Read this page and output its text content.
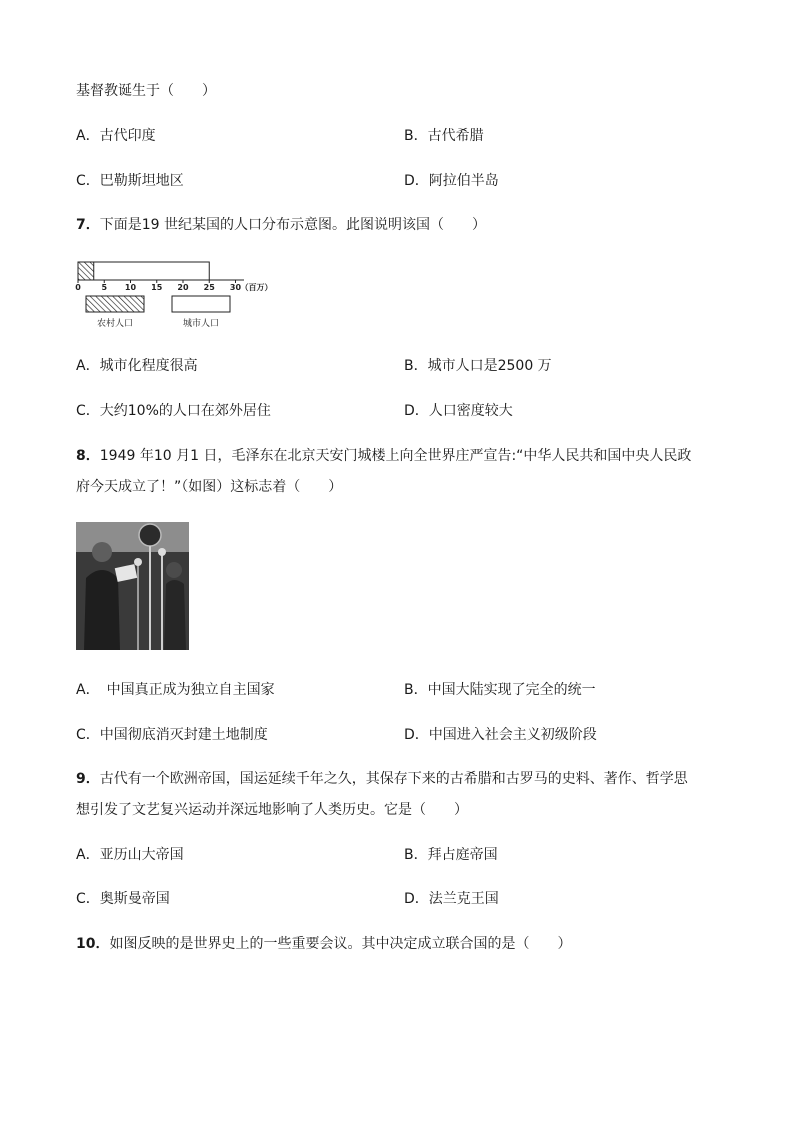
基督教诞生于（　　）
A．古代印度	B．古代希腊
C．巴勒斯坦地区	D．阿拉伯半岛
7．下面是19 世纪某国的人口分布示意图。此图说明该国（　　）
0	5 10 15 20 25 30 （百万）
农村人口	城市人口
A．城市化程度很高	B．城市人口是2500 万
C．大约10%的人口在郊外居住	D．人口密度较大
8．1949 年10 月1 日，毛泽东在北京天安门城楼上向全世界庄严宣告:“中华人民共和国中央人民政
府今天成立了！”（如图）这标志着（　　）
A．　中国真正成为独立自主国家	B．中国大陆实现了完全的统一
C．中国彻底消灭封建土地制度	D．中国进入社会主义初级阶段
9．古代有一个欧洲帝国，国运延续千年之久，其保存下来的古希腊和古罗马的史料、著作、哲学思
想引发了文艺复兴运动并深远地影响了人类历史。它是（　　）
A．亚历山大帝国	B．拜占庭帝国
C．奥斯曼帝国	D．法兰克王国
10．如图反映的是世界史上的一些重要会议。其中决定成立联合国的是（　　）
